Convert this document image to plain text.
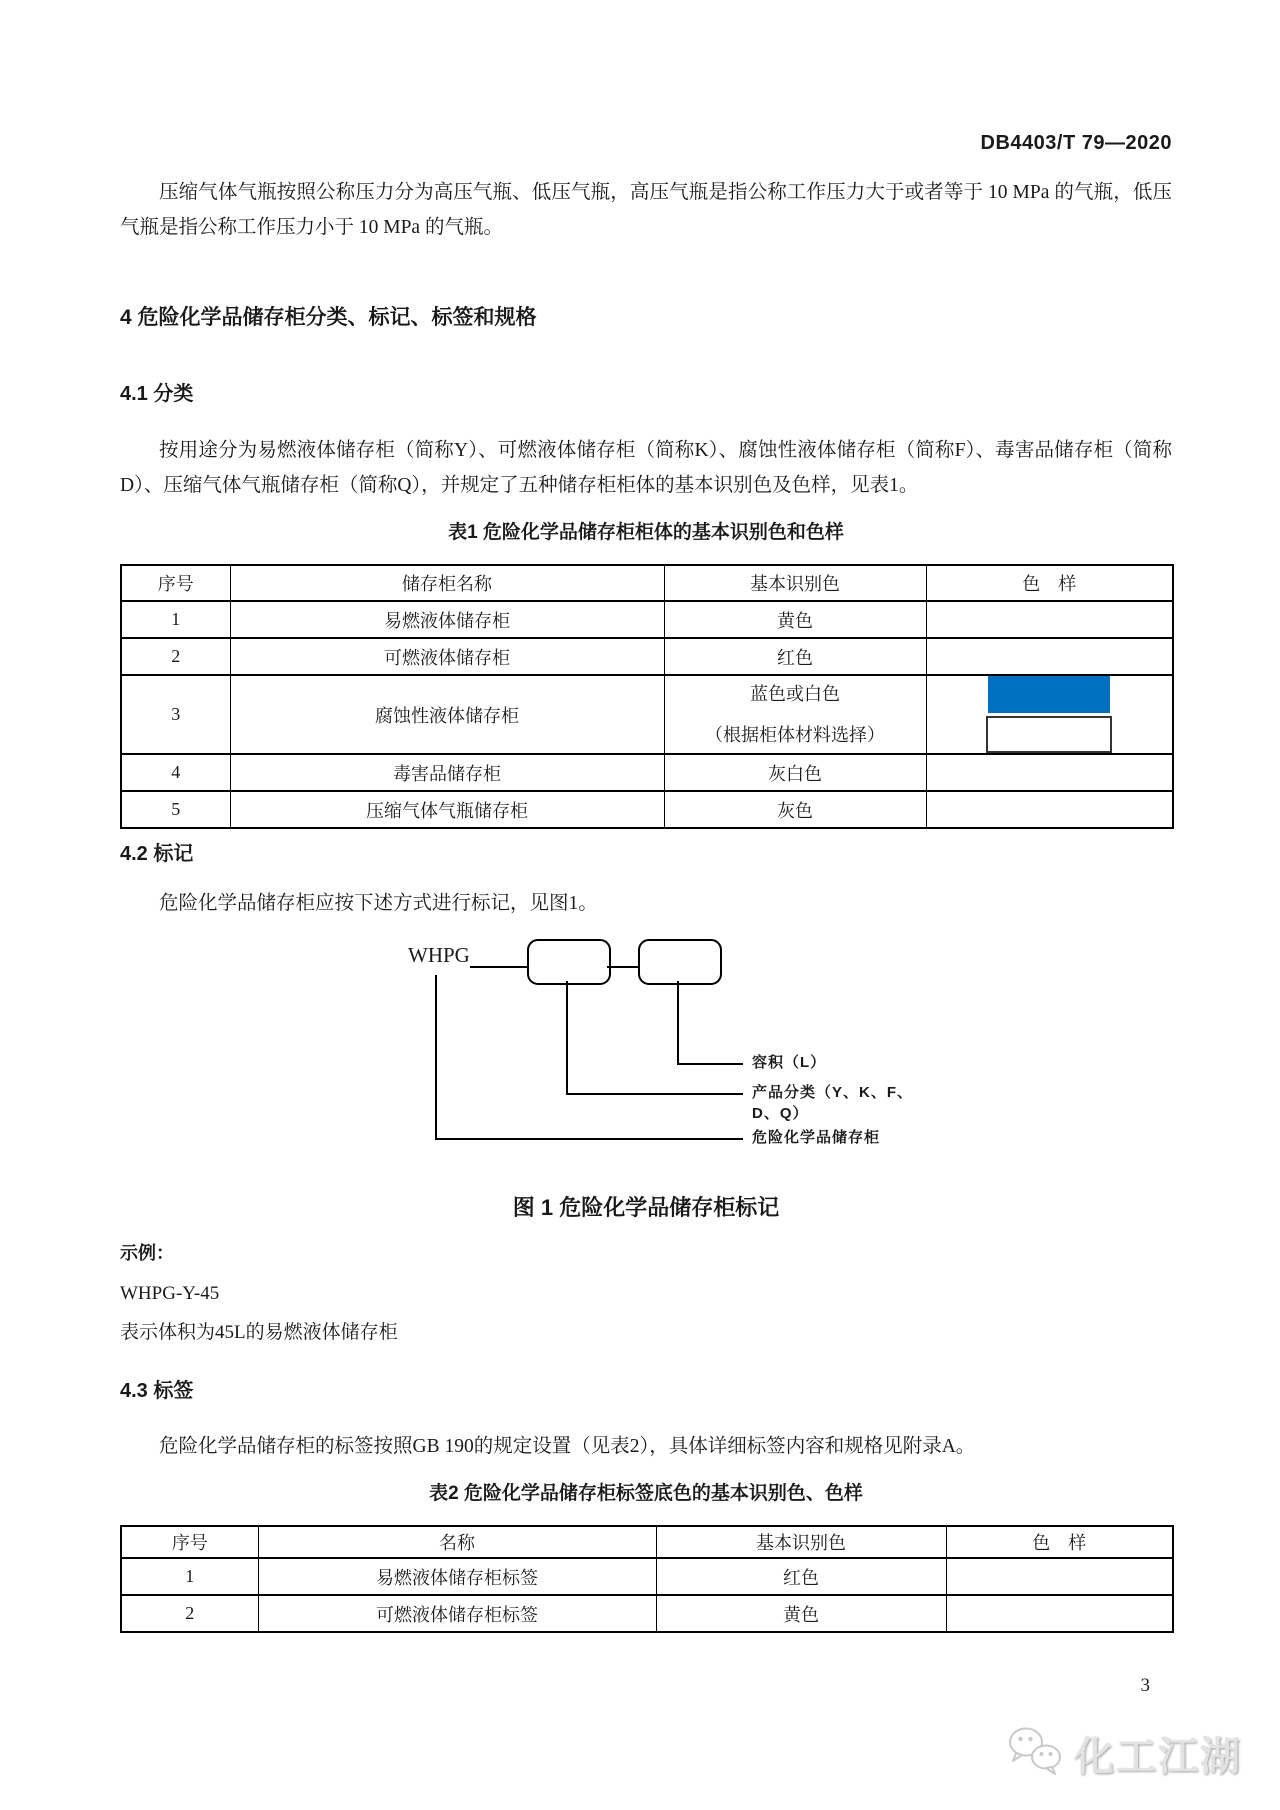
DB4403/T 79—2020

压缩气体气瓶按照公称压力分为高压气瓶、低压气瓶，高压气瓶是指公称工作压力大于或者等于 10 MPa 的气瓶，低压气瓶是指公称工作压力小于 10 MPa 的气瓶。

4 危险化学品储存柜分类、标记、标签和规格

4.1 分类

按用途分为易燃液体储存柜（简称Y）、可燃液体储存柜（简称K）、腐蚀性液体储存柜（简称F）、毒害品储存柜（简称D）、压缩气体气瓶储存柜（简称Q），并规定了五种储存柜柜体的基本识别色及色样，见表1。

表1 危险化学品储存柜柜体的基本识别色和色样

序号	储存柜名称	基本识别色	色　样
1	易燃液体储存柜	黄色	

2	可燃液体储存柜	红色	

3	腐蚀性液体储存柜	蓝色或白色
（根据柜体材料选择）	

4	毒害品储存柜	灰白色	

5	压缩气体气瓶储存柜	灰色	

4.2 标记

危险化学品储存柜应按下述方式进行标记，见图1。

WHPG
容积（L）
产品分类（Y、K、F、D、Q）
危险化学品储存柜
图 1 危险化学品储存柜标记

示例：

WHPG-Y-45

表示体积为45L的易燃液体储存柜

4.3 标签

危险化学品储存柜的标签按照GB 190的规定设置（见表2），具体详细标签内容和规格见附录A。

表2 危险化学品储存柜标签底色的基本识别色、色样

序号	名称	基本识别色	色　样
1	易燃液体储存柜标签	红色	

2	可燃液体储存柜标签	黄色	
3
化工江湖
